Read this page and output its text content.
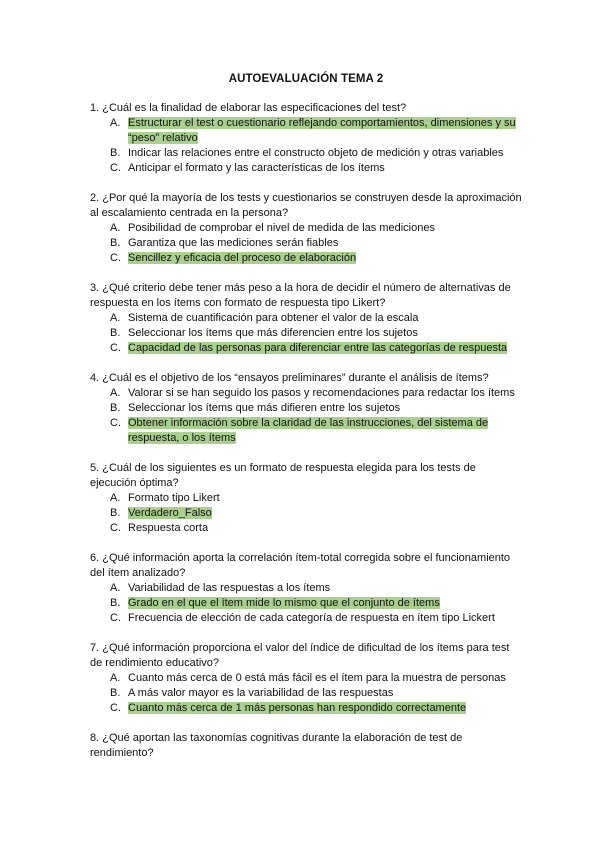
AUTOEVALUACIÓN TEMA 2
1. ¿Cuál es la finalidad de elaborar las especificaciones del test?
A. Estructurar el test o cuestionario reflejando comportamientos, dimensiones y su “peso” relativo
B. Indicar las relaciones entre el constructo objeto de medición y otras variables
C. Anticipar el formato y las características de los ítems
2. ¿Por qué la mayoría de los tests y cuestionarios se construyen desde la aproximación al escalamiento centrada en la persona?
A. Posibilidad de comprobar el nivel de medida de las mediciones
B. Garantiza que las mediciones serán fiables
C. Sencillez y eficacia del proceso de elaboración
3. ¿Qué criterio debe tener más peso a la hora de decidir el número de alternativas de respuesta en los ítems con formato de respuesta tipo Likert?
A. Sistema de cuantificación para obtener el valor de la escala
B. Seleccionar los ítems que más diferencien entre los sujetos
C. Capacidad de las personas para diferenciar entre las categorías de respuesta
4. ¿Cuál es el objetivo de los “ensayos preliminares” durante el análisis de ítems?
A. Valorar si se han seguido los pasos y recomendaciones para redactar los ítems
B. Seleccionar los ítems que más difieren entre los sujetos
C. Obtener información sobre la claridad de las instrucciones, del sistema de respuesta, o los ítems
5. ¿Cuál de los siguientes es un formato de respuesta elegida para los tests de ejecución óptima?
A. Formato tipo Likert
B. Verdadero_Falso
C. Respuesta corta
6. ¿Qué información aporta la correlación ítem-total corregida sobre el funcionamiento del ítem analizado?
A. Variabilidad de las respuestas a los ítems
B. Grado en el que el ítem mide lo mismo que el conjunto de ítems
C. Frecuencia de elección de cada categoría de respuesta en ítem tipo Lickert
7. ¿Qué información proporciona el valor del índice de dificultad de los ítems para test de rendimiento educativo?
A. Cuanto más cerca de 0 está más fácil es el ítem para la muestra de personas
B. A más valor mayor es la variabilidad de las respuestas
C. Cuanto más cerca de 1 más personas han respondido correctamente
8. ¿Qué aportan las taxonomías cognitivas durante la elaboración de test de rendimiento?
